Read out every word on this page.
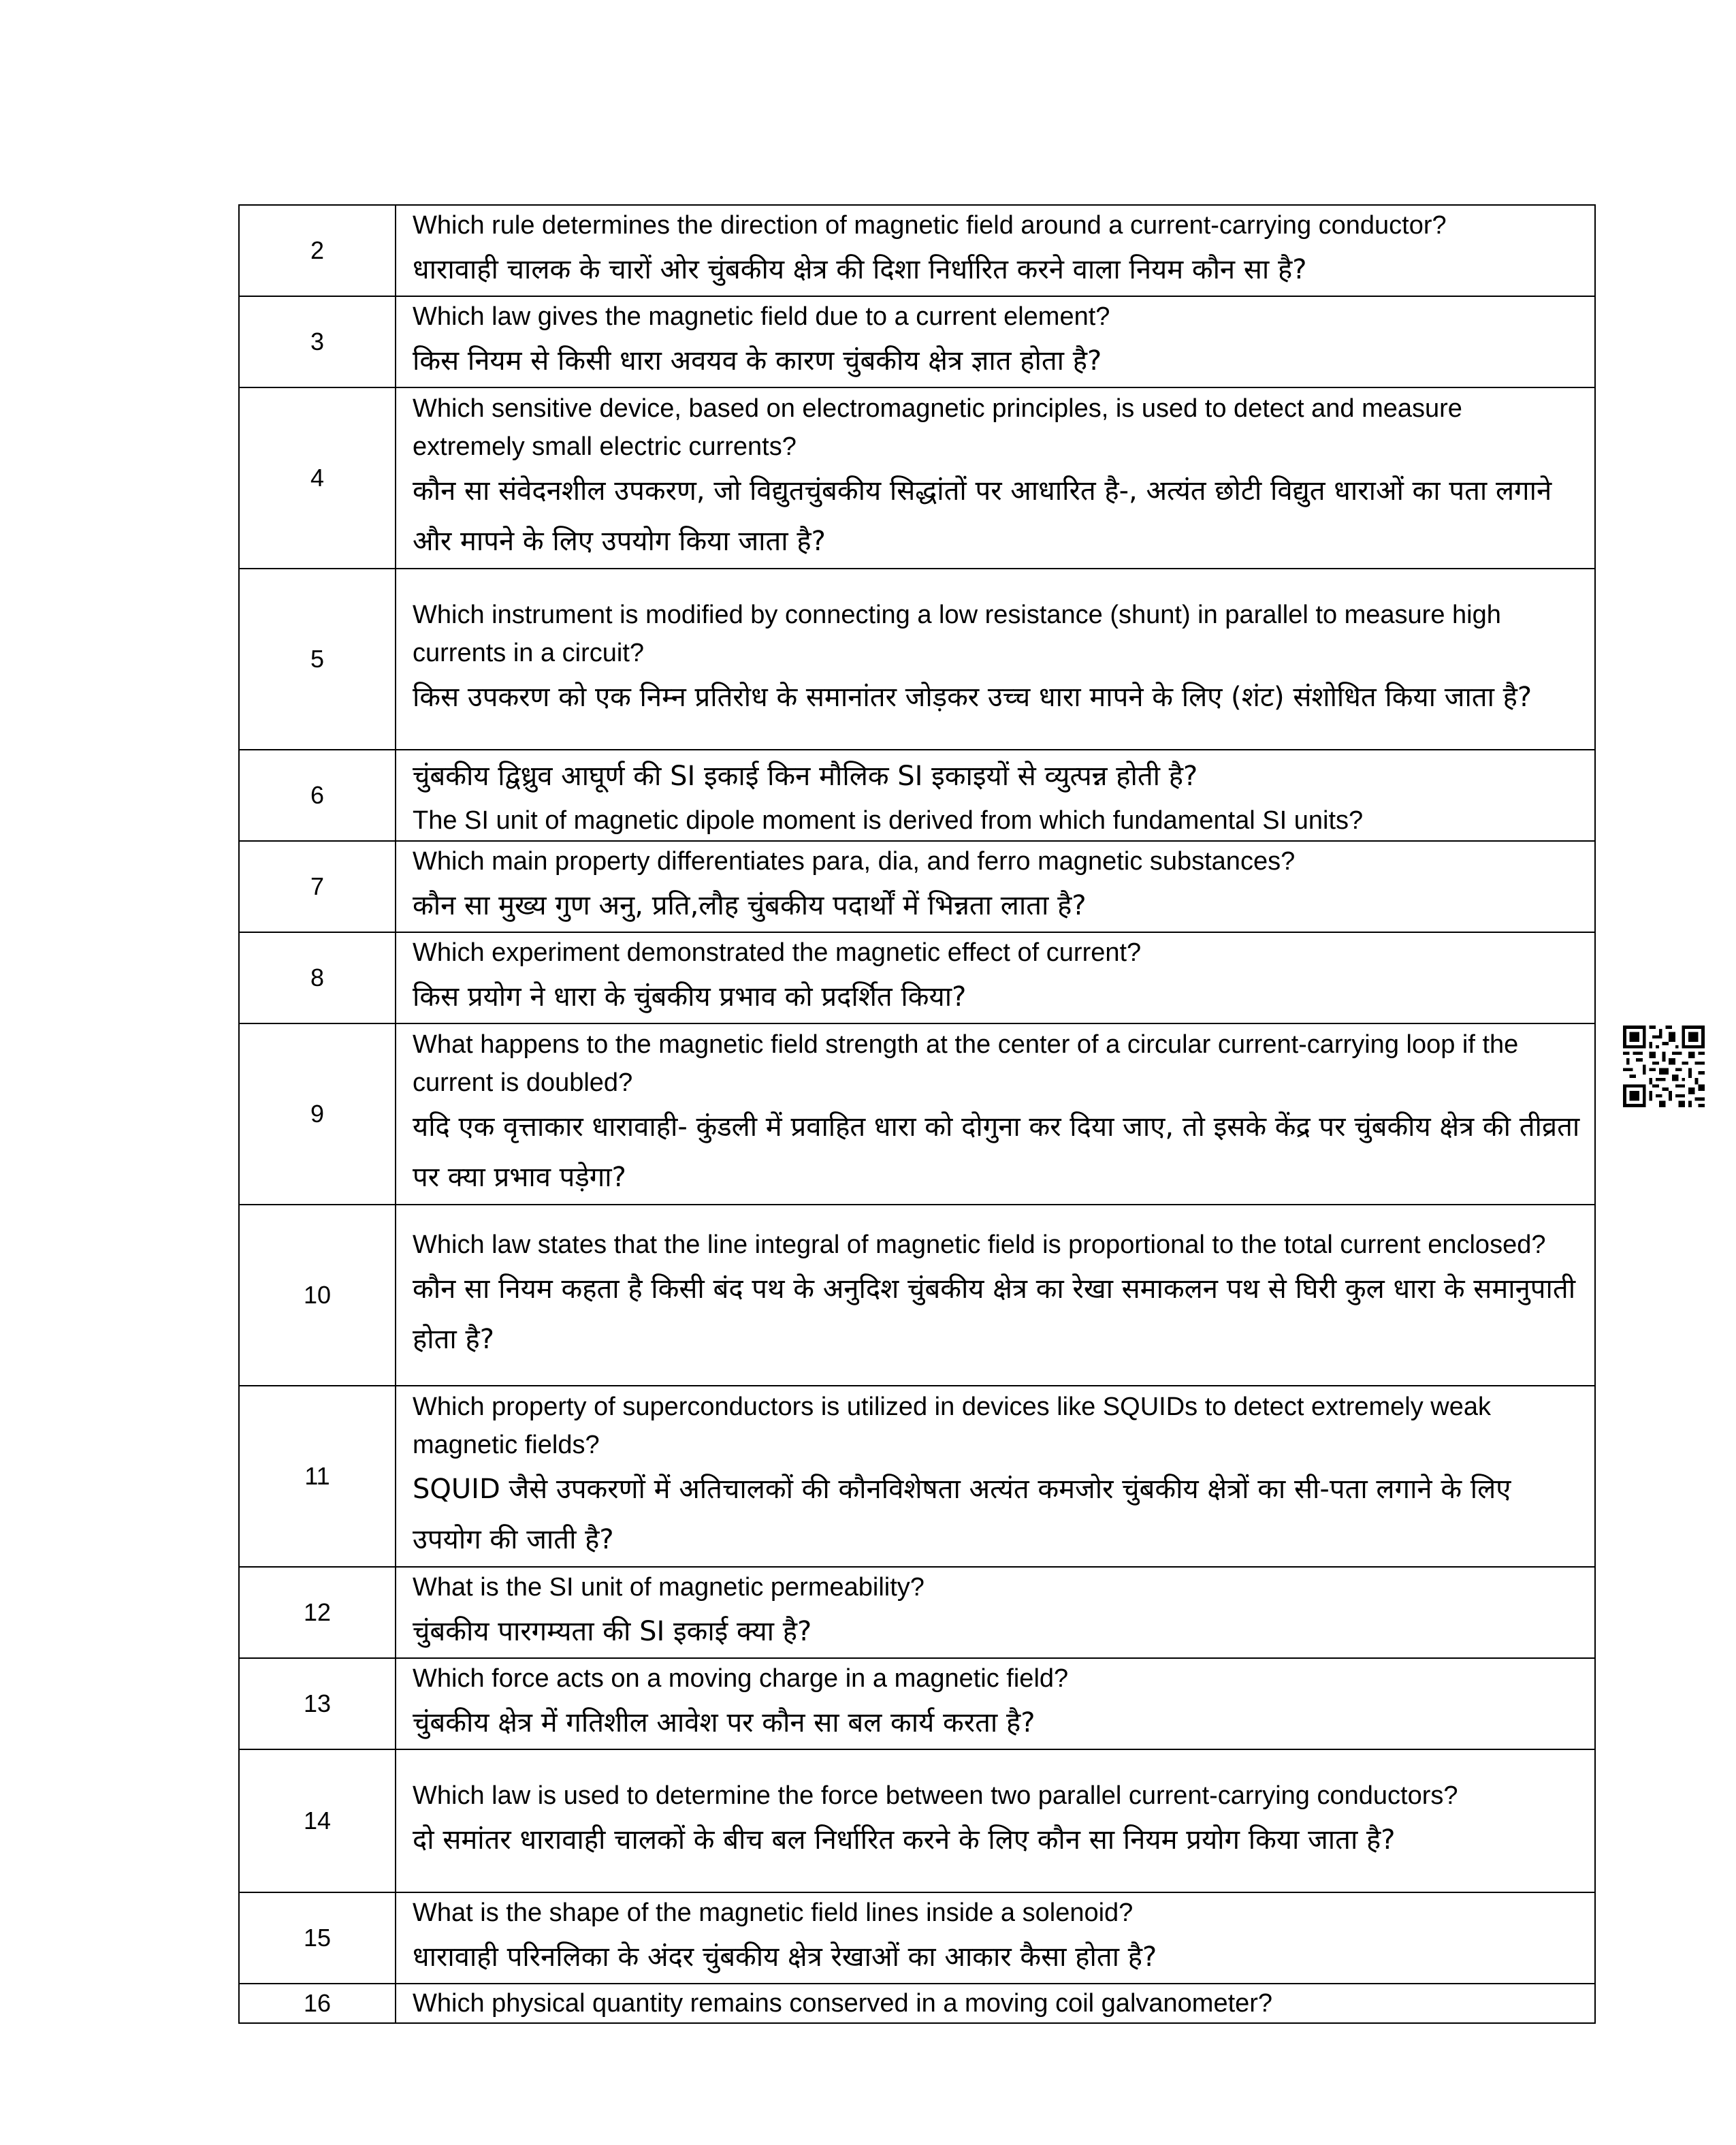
2	Which rule determines the direction of magnetic field around a current-carrying conductor?
धारावाही चालक के चारों ओर चुंबकीय क्षेत्र की दिशा निर्धारित करने वाला नियम कौन सा है?

3	Which law gives the magnetic field due to a current element?
किस नियम से किसी धारा अवयव के कारण चुंबकीय क्षेत्र ज्ञात होता है?

4	Which sensitive device, based on electromagnetic principles, is used to detect and measure extremely small electric currents?
कौन सा संवेदनशील उपकरण, जो विद्युतचुंबकीय सिद्धांतों पर आधारित है-, अत्यंत छोटी विद्युत धाराओं का पता लगाने और मापने के लिए उपयोग किया जाता है?

5	Which instrument is modified by connecting a low resistance (shunt) in parallel to measure high currents in a circuit?
किस उपकरण को एक निम्न प्रतिरोध के समानांतर जोड़कर उच्च धारा मापने के लिए (शंट) संशोधित किया जाता है?

6	चुंबकीय द्विध्रुव आघूर्ण की SI इकाई किन मौलिक SI इकाइयों से व्युत्पन्न होती है?
The SI unit of magnetic dipole moment is derived from which fundamental SI units?

7	Which main property differentiates para, dia, and ferro magnetic substances?
कौन सा मुख्य गुण अनु, प्रति,लौह चुंबकीय पदार्थों में भिन्नता लाता है?

8	Which experiment demonstrated the magnetic effect of current?
किस प्रयोग ने धारा के चुंबकीय प्रभाव को प्रदर्शित किया?

9	What happens to the magnetic field strength at the center of a circular current-carrying loop if the current is doubled?
यदि एक वृत्ताकार धारावाही- कुंडली में प्रवाहित धारा को दोगुना कर दिया जाए, तो इसके केंद्र पर चुंबकीय क्षेत्र की तीव्रता पर क्या प्रभाव पड़ेगा?

10	Which law states that the line integral of magnetic field is proportional to the total current enclosed?
कौन सा नियम कहता है किसी बंद पथ के अनुदिश चुंबकीय क्षेत्र का रेखा समाकलन पथ से घिरी कुल धारा के समानुपाती होता है?

11	Which property of superconductors is utilized in devices like SQUIDs to detect extremely weak magnetic fields?
SQUID जैसे उपकरणों में अतिचालकों की कौनविशेषता अत्यंत कमजोर चुंबकीय क्षेत्रों का सी-पता लगाने के लिए उपयोग की जाती है?

12	What is the SI unit of magnetic permeability?
चुंबकीय पारगम्यता की SI इकाई क्या है?

13	Which force acts on a moving charge in a magnetic field?
चुंबकीय क्षेत्र में गतिशील आवेश पर कौन सा बल कार्य करता है?

14	Which law is used to determine the force between two parallel current-carrying conductors?
दो समांतर धारावाही चालकों के बीच बल निर्धारित करने के लिए कौन सा नियम प्रयोग किया जाता है?

15	What is the shape of the magnetic field lines inside a solenoid?
धारावाही परिनलिका के अंदर चुंबकीय क्षेत्र रेखाओं का आकार कैसा होता है?

16	Which physical quantity remains conserved in a moving coil galvanometer?
